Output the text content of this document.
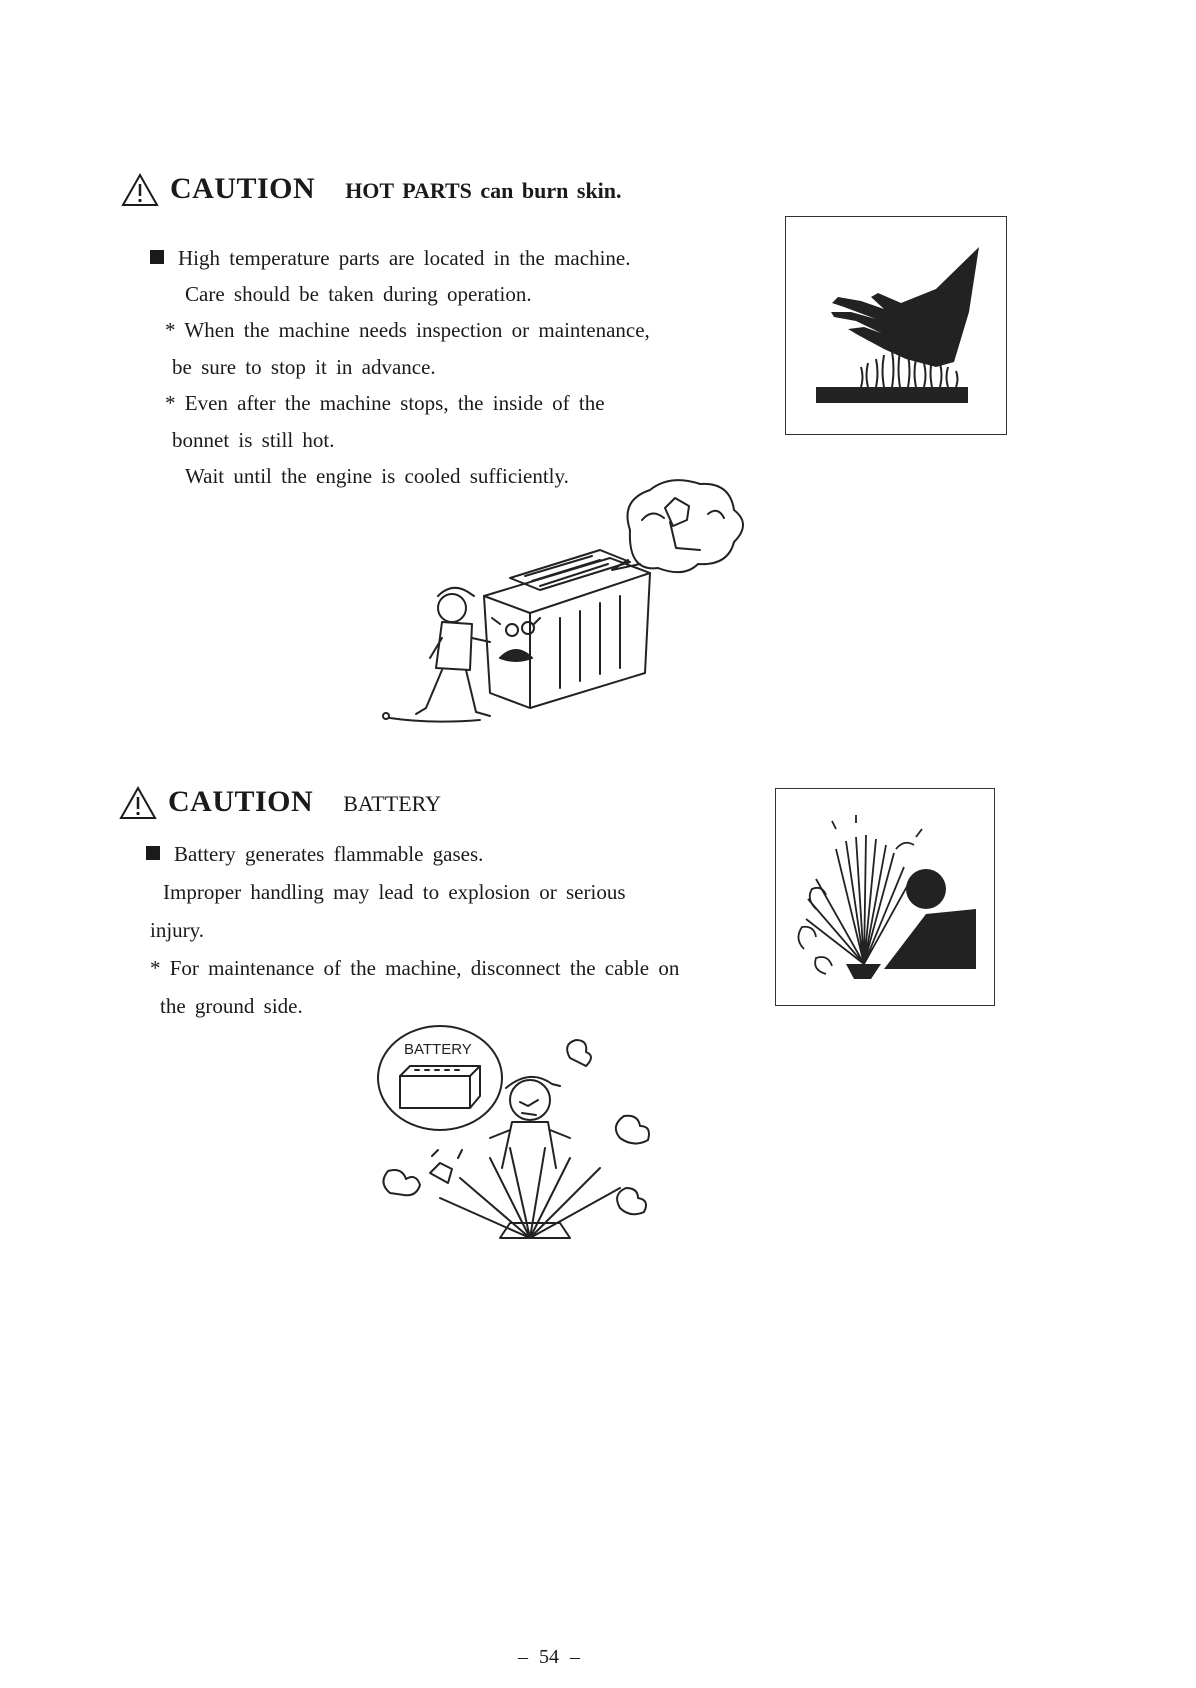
CAUTION HOT PARTS can burn skin.
High temperature parts are located in the machine.
Care should be taken during operation.
* When the machine needs inspection or maintenance,
be sure to stop it in advance.
* Even after the machine stops, the inside of the
bonnet is still hot.
Wait until the engine is cooled sufficiently.
CAUTION BATTERY
Battery generates flammable gases.
Improper handling may lead to explosion or serious
injury.
* For maintenance of the machine, disconnect the cable on
the ground side.
BATTERY
– 54 –
